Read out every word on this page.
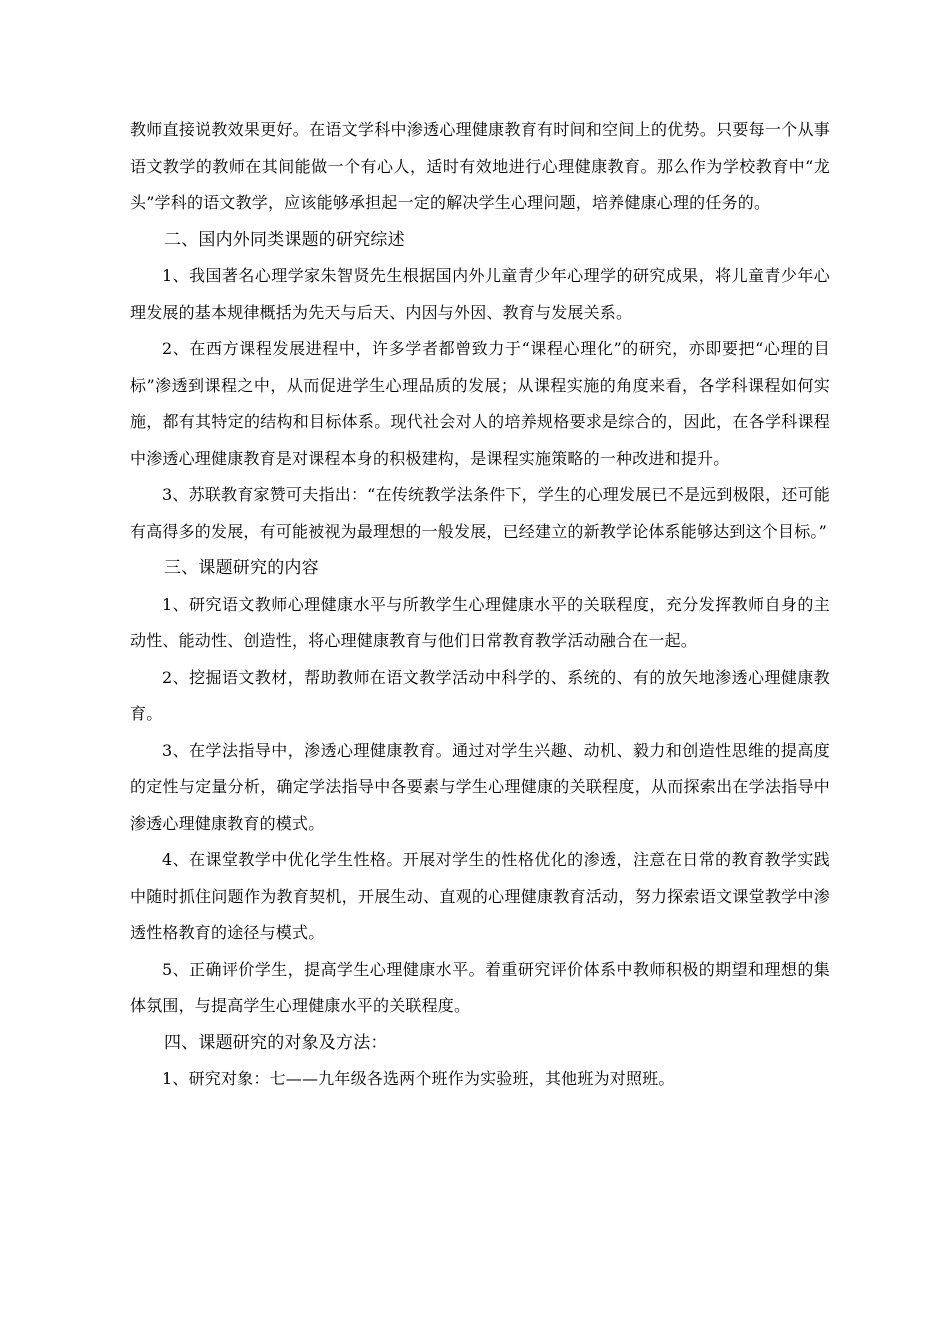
教师直接说教效果更好。在语文学科中渗透心理健康教育有时间和空间上的优势。只要每一个从事语文教学的教师在其间能做一个有心人，适时有效地进行心理健康教育。那么作为学校教育中“龙头”学科的语文教学，应该能够承担起一定的解决学生心理问题，培养健康心理的任务的。

二、国内外同类课题的研究综述

1、我国著名心理学家朱智贤先生根据国内外儿童青少年心理学的研究成果，将儿童青少年心理发展的基本规律概括为先天与后天、内因与外因、教育与发展关系。

2、在西方课程发展进程中，许多学者都曾致力于“课程心理化”的研究，亦即要把“心理的目标”渗透到课程之中，从而促进学生心理品质的发展；从课程实施的角度来看，各学科课程如何实施，都有其特定的结构和目标体系。现代社会对人的培养规格要求是综合的，因此，在各学科课程中渗透心理健康教育是对课程本身的积极建构，是课程实施策略的一种改进和提升。

3、苏联教育家赞可夫指出：“在传统教学法条件下，学生的心理发展已不是远到极限，还可能有高得多的发展，有可能被视为最理想的一般发展，已经建立的新教学论体系能够达到这个目标。”

三、课题研究的内容

1、研究语文教师心理健康水平与所教学生心理健康水平的关联程度，充分发挥教师自身的主动性、能动性、创造性，将心理健康教育与他们日常教育教学活动融合在一起。

2、挖掘语文教材，帮助教师在语文教学活动中科学的、系统的、有的放矢地渗透心理健康教育。

3、在学法指导中，渗透心理健康教育。通过对学生兴趣、动机、毅力和创造性思维的提高度的定性与定量分析，确定学法指导中各要素与学生心理健康的关联程度，从而探索出在学法指导中渗透心理健康教育的模式。

4、在课堂教学中优化学生性格。开展对学生的性格优化的渗透，注意在日常的教育教学实践中随时抓住问题作为教育契机，开展生动、直观的心理健康教育活动，努力探索语文课堂教学中渗透性格教育的途径与模式。

5、正确评价学生，提高学生心理健康水平。着重研究评价体系中教师积极的期望和理想的集体氛围，与提高学生心理健康水平的关联程度。

四、课题研究的对象及方法：

1、研究对象：七——九年级各选两个班作为实验班，其他班为对照班。
